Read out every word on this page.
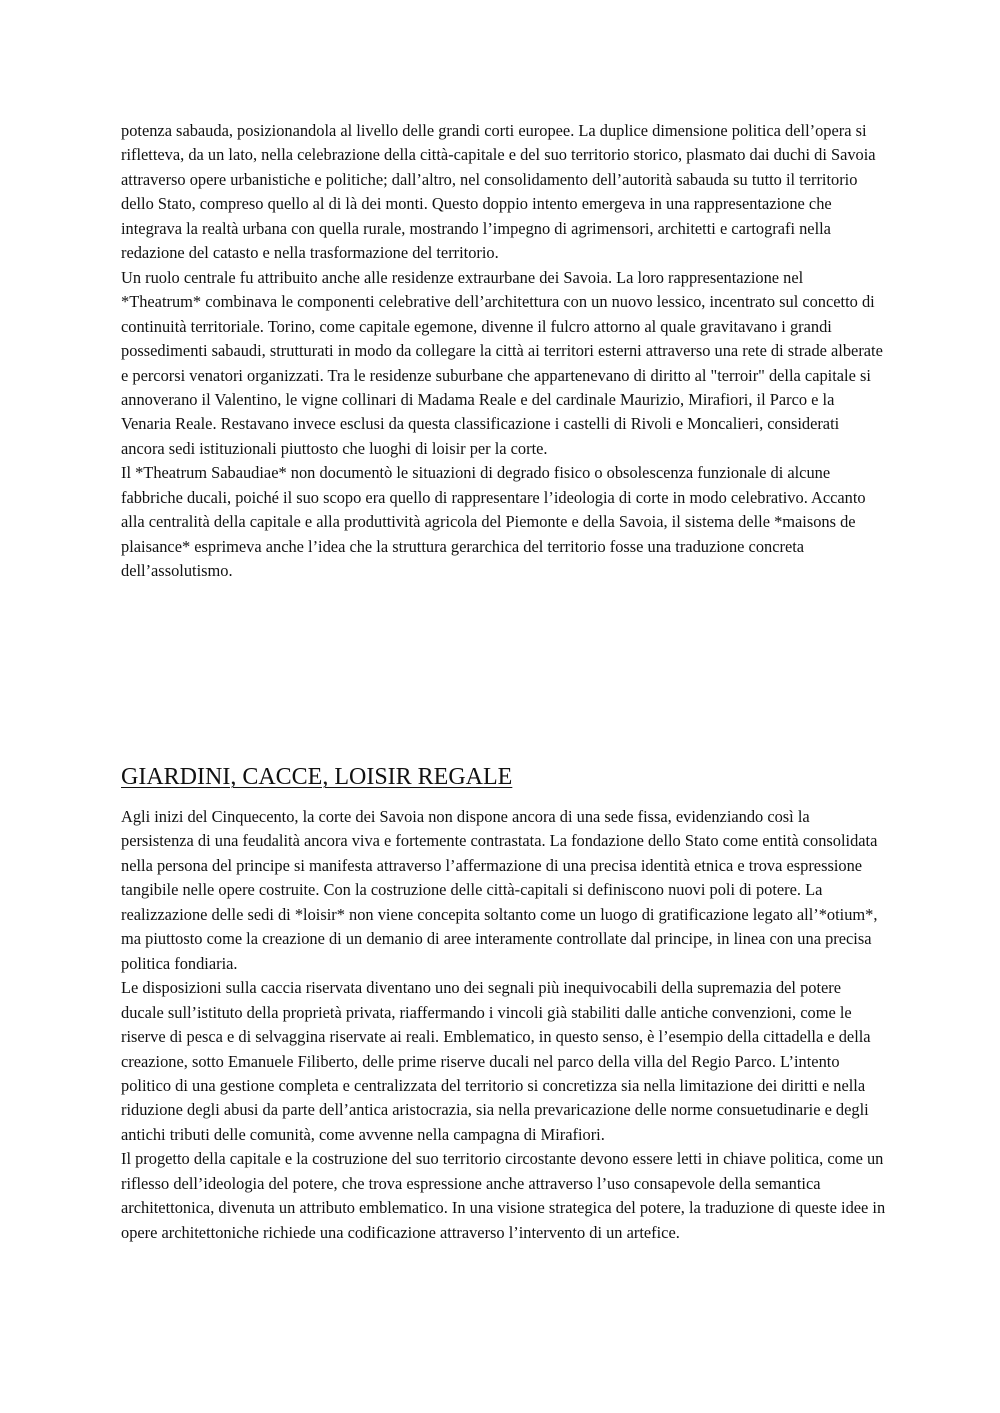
potenza sabauda, posizionandola al livello delle grandi corti europee. La duplice dimensione politica dell’opera si rifletteva, da un lato, nella celebrazione della città-capitale e del suo territorio storico, plasmato dai duchi di Savoia attraverso opere urbanistiche e politiche; dall’altro, nel consolidamento dell’autorità sabauda su tutto il territorio dello Stato, compreso quello al di là dei monti. Questo doppio intento emergeva in una rappresentazione che integrava la realtà urbana con quella rurale, mostrando l’impegno di agrimensori, architetti e cartografi nella redazione del catasto e nella trasformazione del territorio.

Un ruolo centrale fu attribuito anche alle residenze extraurbane dei Savoia. La loro rappresentazione nel *Theatrum* combinava le componenti celebrative dell’architettura con un nuovo lessico, incentrato sul concetto di continuità territoriale. Torino, come capitale egemone, divenne il fulcro attorno al quale gravitavano i grandi possedimenti sabaudi, strutturati in modo da collegare la città ai territori esterni attraverso una rete di strade alberate e percorsi venatori organizzati. Tra le residenze suburbane che appartenevano di diritto al "terroir" della capitale si annoverano il Valentino, le vigne collinari di Madama Reale e del cardinale Maurizio, Mirafiori, il Parco e la Venaria Reale. Restavano invece esclusi da questa classificazione i castelli di Rivoli e Moncalieri, considerati ancora sedi istituzionali piuttosto che luoghi di loisir per la corte.

Il *Theatrum Sabaudiae* non documentò le situazioni di degrado fisico o obsolescenza funzionale di alcune fabbriche ducali, poiché il suo scopo era quello di rappresentare l’ideologia di corte in modo celebrativo. Accanto alla centralità della capitale e alla produttività agricola del Piemonte e della Savoia, il sistema delle *maisons de plaisance* esprimeva anche l’idea che la struttura gerarchica del territorio fosse una traduzione concreta dell’assolutismo.

GIARDINI, CACCE, LOISIR REGALE

Agli inizi del Cinquecento, la corte dei Savoia non dispone ancora di una sede fissa, evidenziando così la persistenza di una feudalità ancora viva e fortemente contrastata. La fondazione dello Stato come entità consolidata nella persona del principe si manifesta attraverso l’affermazione di una precisa identità etnica e trova espressione tangibile nelle opere costruite. Con la costruzione delle città-capitali si definiscono nuovi poli di potere. La realizzazione delle sedi di *loisir* non viene concepita soltanto come un luogo di gratificazione legato all’*otium*, ma piuttosto come la creazione di un demanio di aree interamente controllate dal principe, in linea con una precisa politica fondiaria.

Le disposizioni sulla caccia riservata diventano uno dei segnali più inequivocabili della supremazia del potere ducale sull’istituto della proprietà privata, riaffermando i vincoli già stabiliti dalle antiche convenzioni, come le riserve di pesca e di selvaggina riservate ai reali. Emblematico, in questo senso, è l’esempio della cittadella e della creazione, sotto Emanuele Filiberto, delle prime riserve ducali nel parco della villa del Regio Parco. L’intento politico di una gestione completa e centralizzata del territorio si concretizza sia nella limitazione dei diritti e nella riduzione degli abusi da parte dell’antica aristocrazia, sia nella prevaricazione delle norme consuetudinarie e degli antichi tributi delle comunità, come avvenne nella campagna di Mirafiori.

Il progetto della capitale e la costruzione del suo territorio circostante devono essere letti in chiave politica, come un riflesso dell’ideologia del potere, che trova espressione anche attraverso l’uso consapevole della semantica architettonica, divenuta un attributo emblematico. In una visione strategica del potere, la traduzione di queste idee in opere architettoniche richiede una codificazione attraverso l’intervento di un artefice.
